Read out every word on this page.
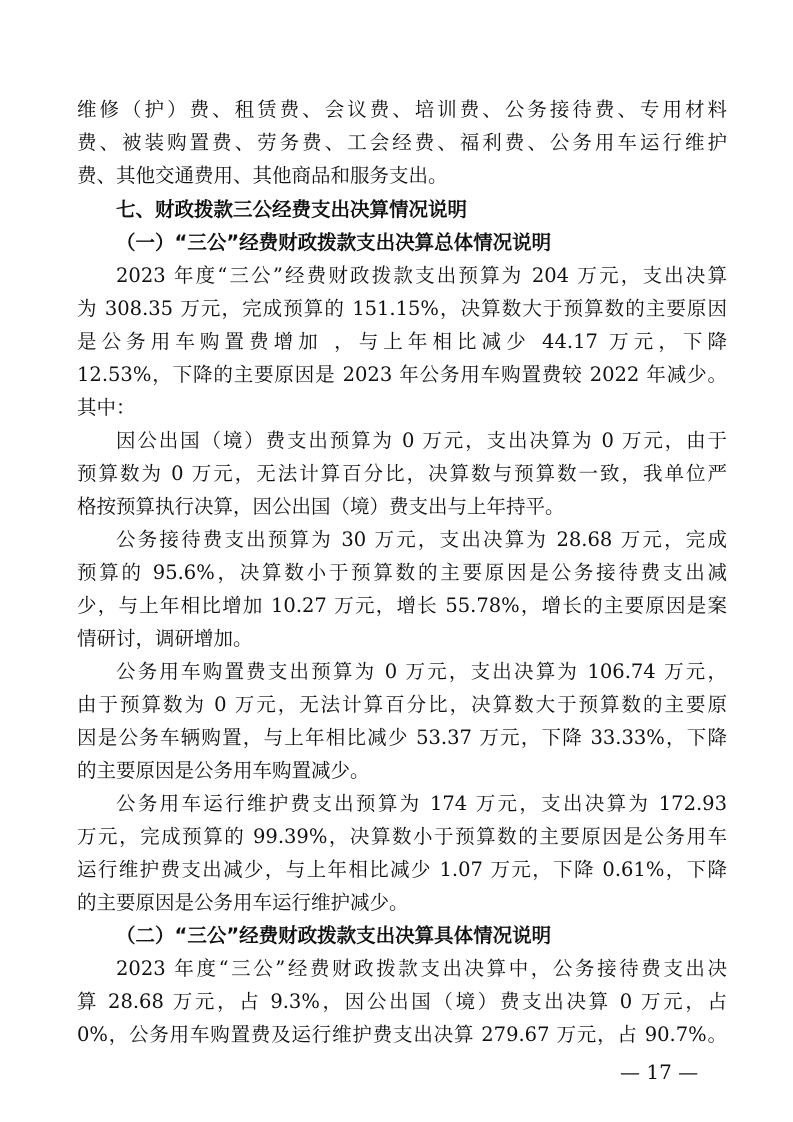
维修（护）费、租赁费、会议费、培训费、公务接待费、专用材料
费、被装购置费、劳务费、工会经费、福利费、公务用车运行维护
费、其他交通费用、其他商品和服务支出。
七、财政拨款三公经费支出决算情况说明
（一）“三公”经费财政拨款支出决算总体情况说明
2023 年度“三公”经费财政拨款支出预算为 204 万元，支出决算
为 308.35 万元，完成预算的 151.15%，决算数大于预算数的主要原因
是公务用车购置费增加 ，与上年相比减少 44.17 万元，下降
12.53%，下降的主要原因是 2023 年公务用车购置费较 2022 年减少。
其中：
因公出国（境）费支出预算为 0 万元，支出决算为 0 万元，由于
预算数为 0 万元，无法计算百分比，决算数与预算数一致，我单位严
格按预算执行决算，因公出国（境）费支出与上年持平。
公务接待费支出预算为 30 万元，支出决算为 28.68 万元，完成
预算的 95.6%，决算数小于预算数的主要原因是公务接待费支出减
少，与上年相比增加 10.27 万元，增长 55.78%，增长的主要原因是案
情研讨，调研增加。
公务用车购置费支出预算为 0 万元，支出决算为 106.74 万元，
由于预算数为 0 万元，无法计算百分比，决算数大于预算数的主要原
因是公务车辆购置，与上年相比减少 53.37 万元，下降 33.33%，下降
的主要原因是公务用车购置减少。
公务用车运行维护费支出预算为 174 万元，支出决算为 172.93
万元，完成预算的 99.39%，决算数小于预算数的主要原因是公务用车
运行维护费支出减少，与上年相比减少 1.07 万元，下降 0.61%，下降
的主要原因是公务用车运行维护减少。
（二）“三公”经费财政拨款支出决算具体情况说明
2023 年度“三公”经费财政拨款支出决算中，公务接待费支出决
算 28.68 万元，占 9.3%，因公出国（境）费支出决算 0 万元，占
0%，公务用车购置费及运行维护费支出决算 279.67 万元，占 90.7%。
— 17 —
